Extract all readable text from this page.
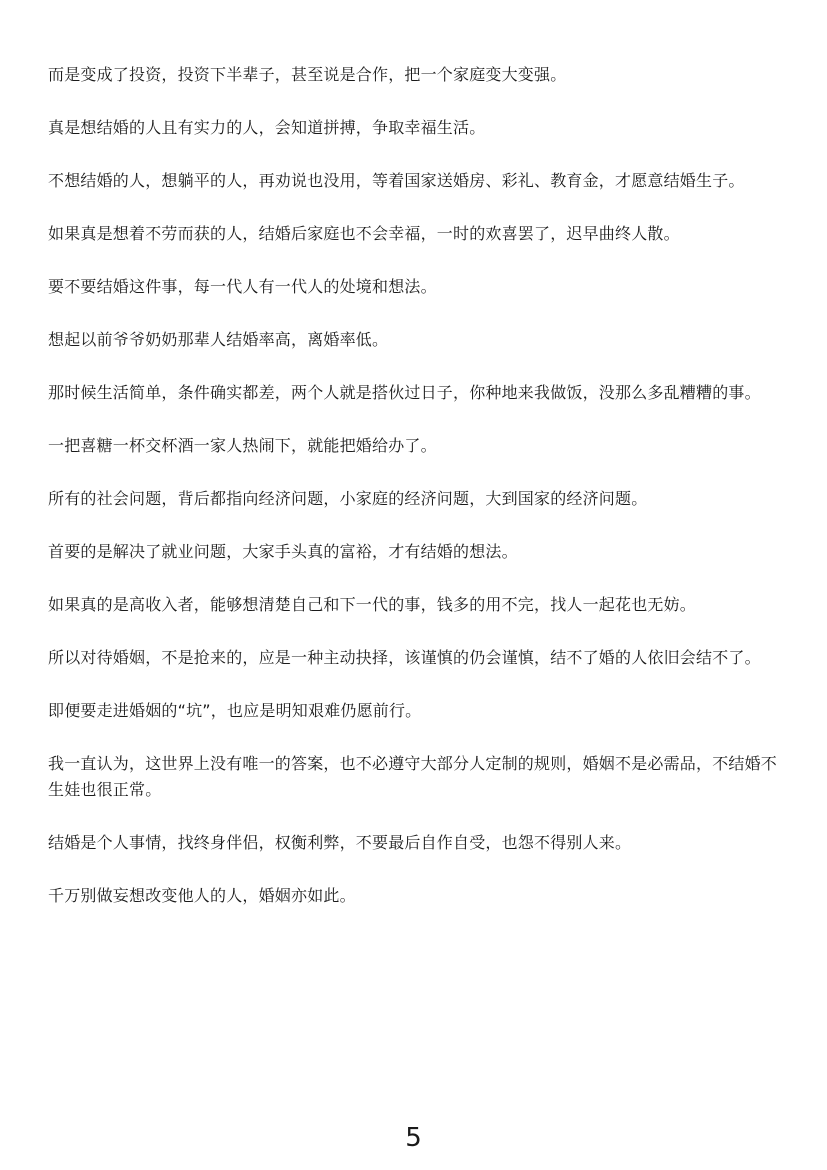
而是变成了投资，投资下半辈子，甚至说是合作，把一个家庭变大变强。

真是想结婚的人且有实力的人，会知道拼搏，争取幸福生活。

不想结婚的人，想躺平的人，再劝说也没用，等着国家送婚房、彩礼、教育金，才愿意结婚生子。

如果真是想着不劳而获的人，结婚后家庭也不会幸福，一时的欢喜罢了，迟早曲终人散。

要不要结婚这件事，每一代人有一代人的处境和想法。

想起以前爷爷奶奶那辈人结婚率高，离婚率低。

那时候生活简单，条件确实都差，两个人就是搭伙过日子，你种地来我做饭，没那么多乱糟糟的事。

一把喜糖一杯交杯酒一家人热闹下，就能把婚给办了。

所有的社会问题，背后都指向经济问题，小家庭的经济问题，大到国家的经济问题。

首要的是解决了就业问题，大家手头真的富裕，才有结婚的想法。

如果真的是高收入者，能够想清楚自己和下一代的事，钱多的用不完，找人一起花也无妨。

所以对待婚姻，不是抢来的，应是一种主动抉择，该谨慎的仍会谨慎，结不了婚的人依旧会结不了。

即便要走进婚姻的“坑”，也应是明知艰难仍愿前行。

我一直认为，这世界上没有唯一的答案，也不必遵守大部分人定制的规则，婚姻不是必需品，不结婚不生娃也很正常。

结婚是个人事情，找终身伴侣，权衡利弊，不要最后自作自受，也怨不得别人来。

千万别做妄想改变他人的人，婚姻亦如此。

5
